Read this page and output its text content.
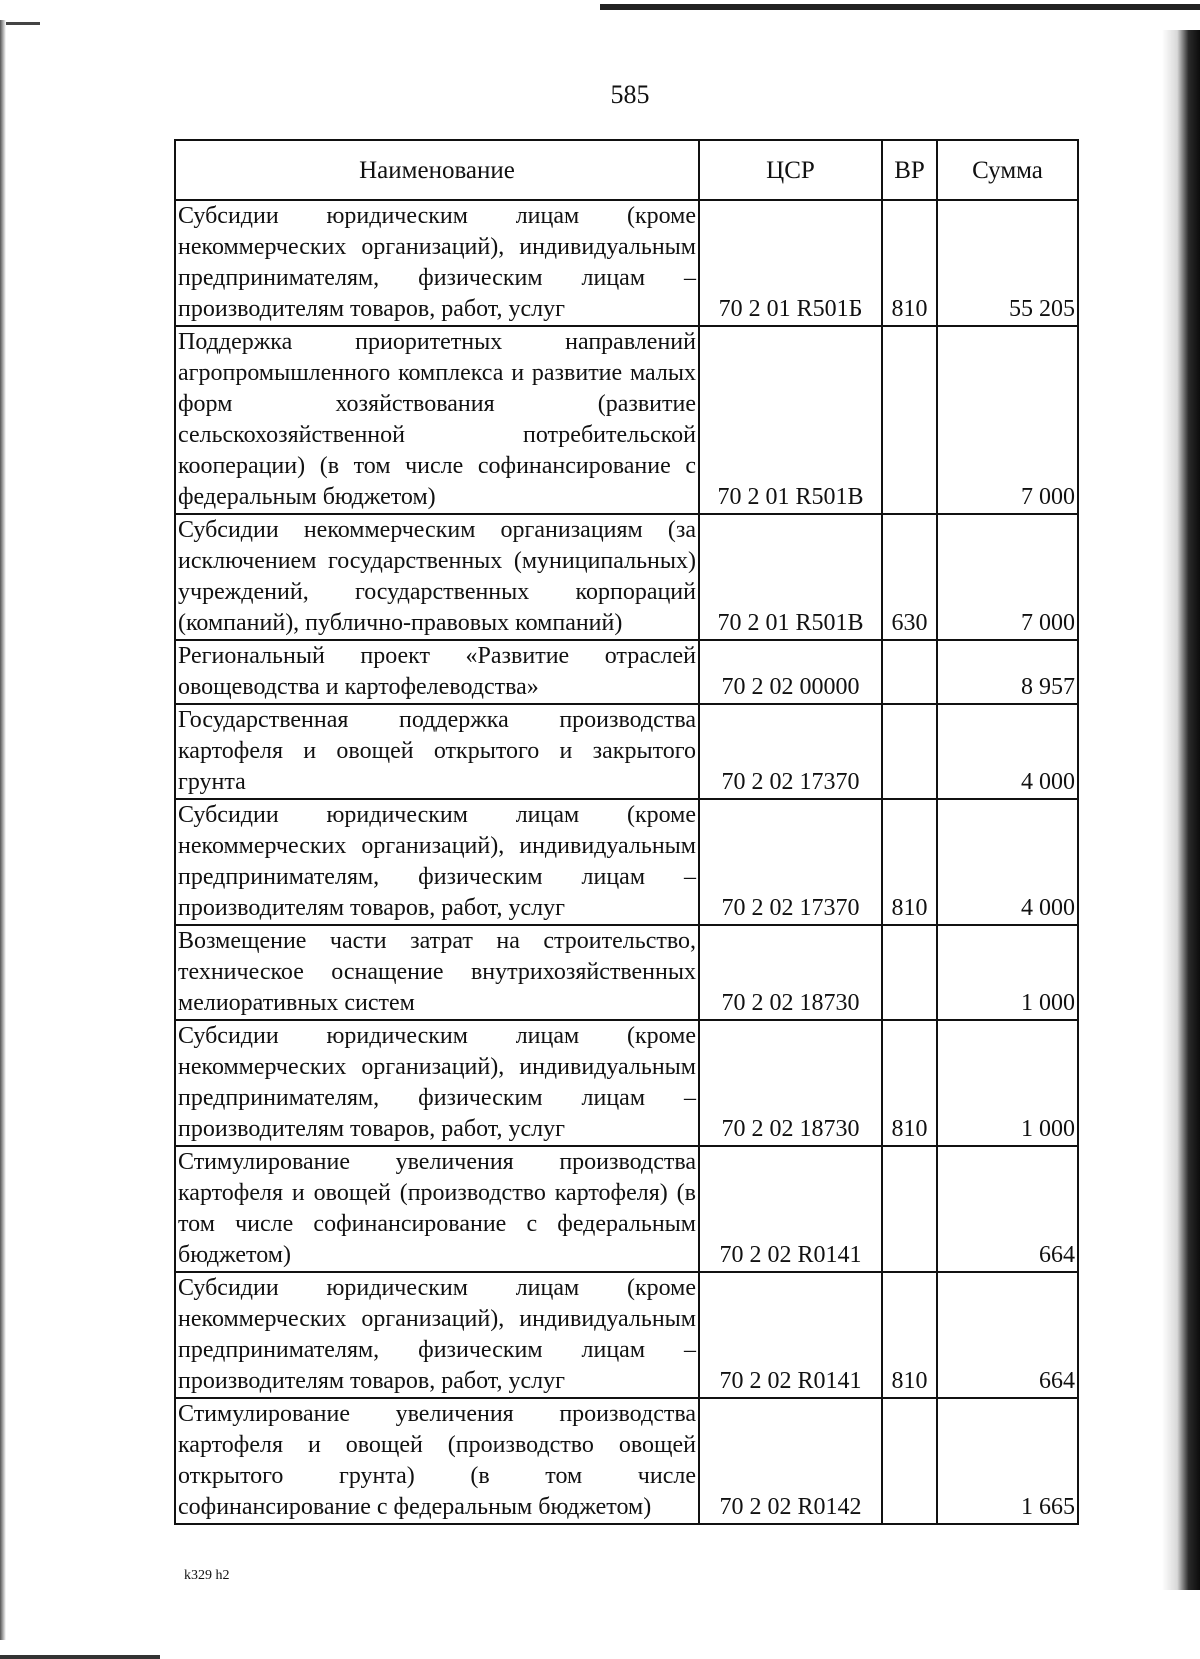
585
Наименование	ЦСР	ВР	Сумма
Субсидии юридическим лицам (кроме некоммерческих организаций), индивидуальным предпринимателям, физическим лицам – производителям товаров, работ, услуг	70 2 01 R501Б	810	55 205
Поддержка приоритетных направлений агропромышленного комплекса и развитие малых форм хозяйствования (развитие сельскохозяйственной потребительской кооперации) (в том числе софинансирование с федеральным бюджетом)	70 2 01 R501В		7 000
Субсидии некоммерческим организациям (за исключением государственных (муниципальных) учреждений, государственных корпораций (компаний), публично-правовых компаний)	70 2 01 R501В	630	7 000
Региональный проект «Развитие отраслей овощеводства и картофелеводства»	70 2 02 00000		8 957
Государственная поддержка производства картофеля и овощей открытого и закрытого грунта	70 2 02 17370		4 000
Субсидии юридическим лицам (кроме некоммерческих организаций), индивидуальным предпринимателям, физическим лицам – производителям товаров, работ, услуг	70 2 02 17370	810	4 000
Возмещение части затрат на строительство, техническое оснащение внутрихозяйственных мелиоративных систем	70 2 02 18730		1 000
Субсидии юридическим лицам (кроме некоммерческих организаций), индивидуальным предпринимателям, физическим лицам – производителям товаров, работ, услуг	70 2 02 18730	810	1 000
Стимулирование увеличения производства картофеля и овощей (производство картофеля) (в том числе софинансирование с федеральным бюджетом)	70 2 02 R0141		664
Субсидии юридическим лицам (кроме некоммерческих организаций), индивидуальным предпринимателям, физическим лицам – производителям товаров, работ, услуг	70 2 02 R0141	810	664
Стимулирование увеличения производства картофеля и овощей (производство овощей открытого грунта) (в том числе софинансирование с федеральным бюджетом)	70 2 02 R0142		1 665
k329 h2
